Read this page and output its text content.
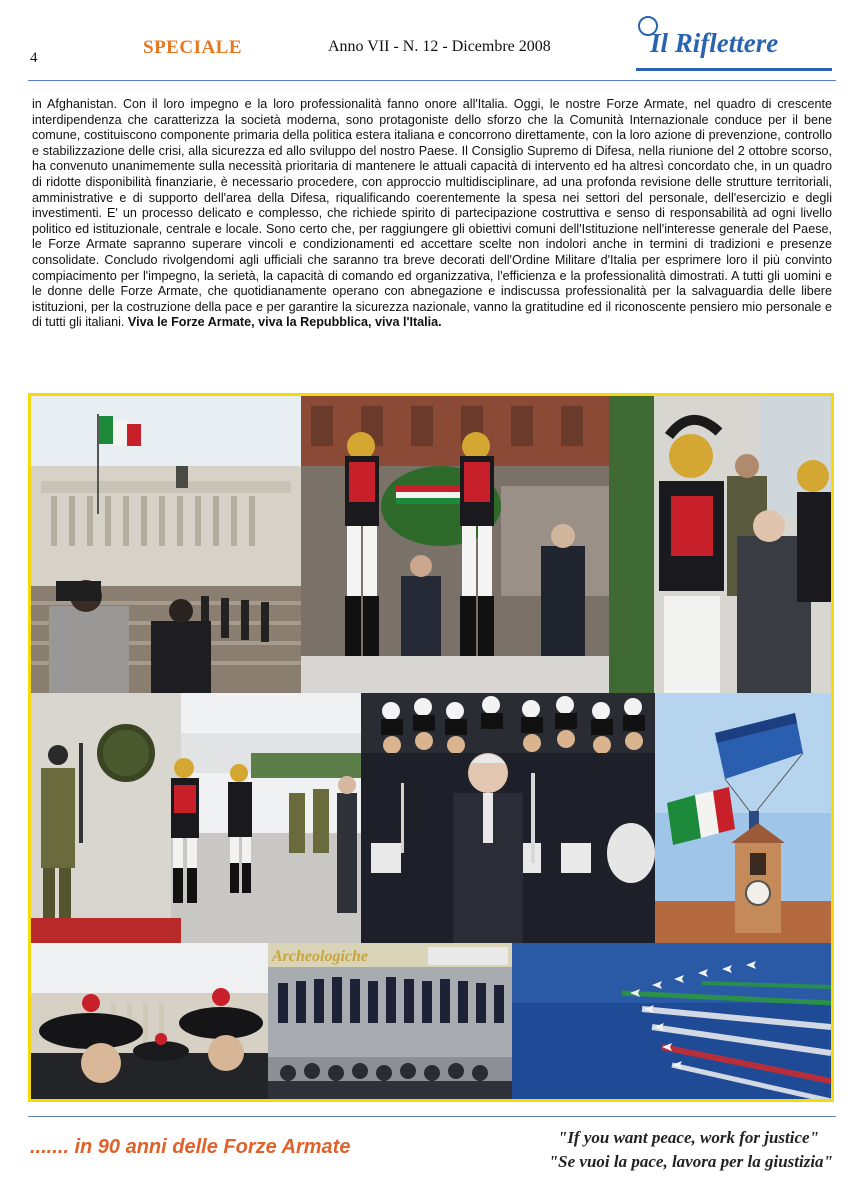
4	SPECIALE	Anno VII - N. 12 - Dicembre 2008	Il Riflettere

in Afghanistan. Con il loro impegno e la loro professionalità fanno onore all'Italia. Oggi, le nostre Forze Armate, nel quadro di crescente interdipendenza che caratterizza la società moderna, sono protagoniste dello sforzo che la Comunità Internazionale conduce per il bene comune, costituiscono componente primaria della politica estera italiana e concorrono direttamente, con la loro azione di prevenzione, controllo e stabilizzazione delle crisi, alla sicurezza ed allo sviluppo del nostro Paese. Il Consiglio Supremo di Difesa, nella riunione del 2 ottobre scorso, ha convenuto unanimemente sulla necessità prioritaria di mantenere le attuali capacità di intervento ed ha altresì concordato che, in un quadro di ridotte disponibilità finanziarie, è necessario procedere, con approccio multidisciplinare, ad una profonda revisione delle strutture territoriali, amministrative e di supporto dell'area della Difesa, riqualificando coerentemente la spesa nei settori del personale, dell'esercizio e degli investimenti. E' un processo delicato e complesso, che richiede spirito di partecipazione costruttiva e senso di responsabilità ad ogni livello politico ed istituzionale, centrale e locale. Sono certo che, per raggiungere gli obiettivi comuni dell'Istituzione nell'interesse generale del Paese, le Forze Armate sapranno superare vincoli e condizionamenti ed accettare scelte non indolori anche in termini di tradizioni e presenze consolidate. Concludo rivolgendomi agli ufficiali che saranno tra breve decorati dell'Ordine Militare d'Italia per esprimere loro il più convinto compiacimento per l'impegno, la serietà, la capacità di comando ed organizzativa, l'efficienza e la professionalità dimostrati. A tutti gli uomini e le donne delle Forze Armate, che quotidianamente operano con abnegazione e indiscussa professionalità per la salvaguardia delle libere istituzioni, per la costruzione della pace e per garantire la sicurezza nazionale, vanno la gratitudine ed il riconoscente pensiero mio personale e di tutti gli italiani. Viva le Forze Armate, viva la Repubblica, viva l'Italia.

Archeologiche
....... in 90 anni delle Forze Armate	"If you want peace, work for justice"
"Se vuoi la pace, lavora per la giustizia"
